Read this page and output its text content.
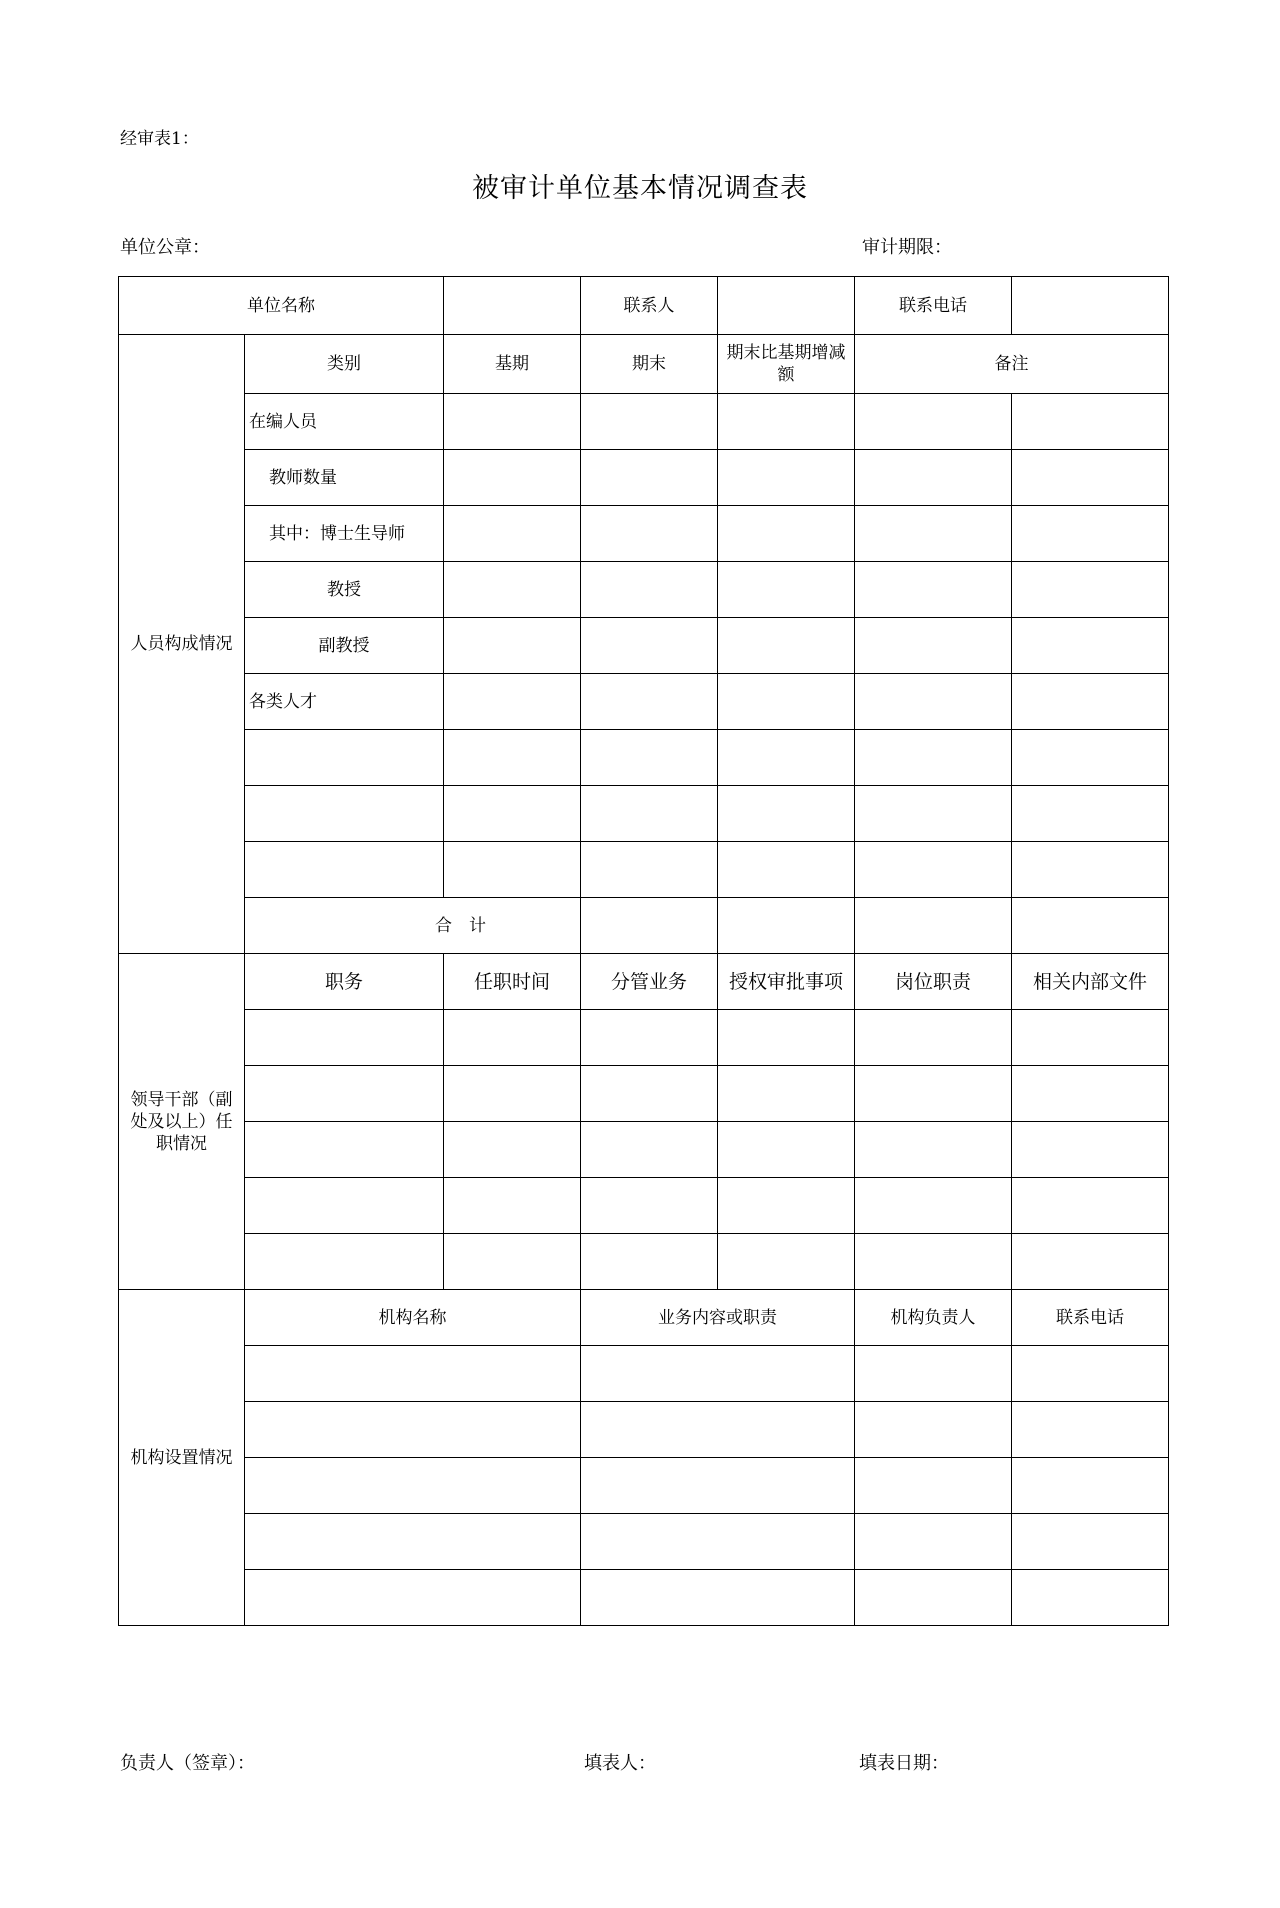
经审表1：
被审计单位基本情况调查表
单位公章：	审计期限：
单位名称			联系人		联系电话	
人员构成情况	类别	基期	期末	期末比基期增减额	备注	
	在编人员					
	教师数量					
	其中：博士生导师					
	教授					
	副教授					
	各类人才					

	合　计					
领导干部（副处及以上）任职情况	职务	任职时间	分管业务	授权审批事项	岗位职责	相关内部文件

机构设置情况	机构名称		业务内容或职责		机构负责人	联系电话

负责人（签章）：	填表人：	填表日期：
